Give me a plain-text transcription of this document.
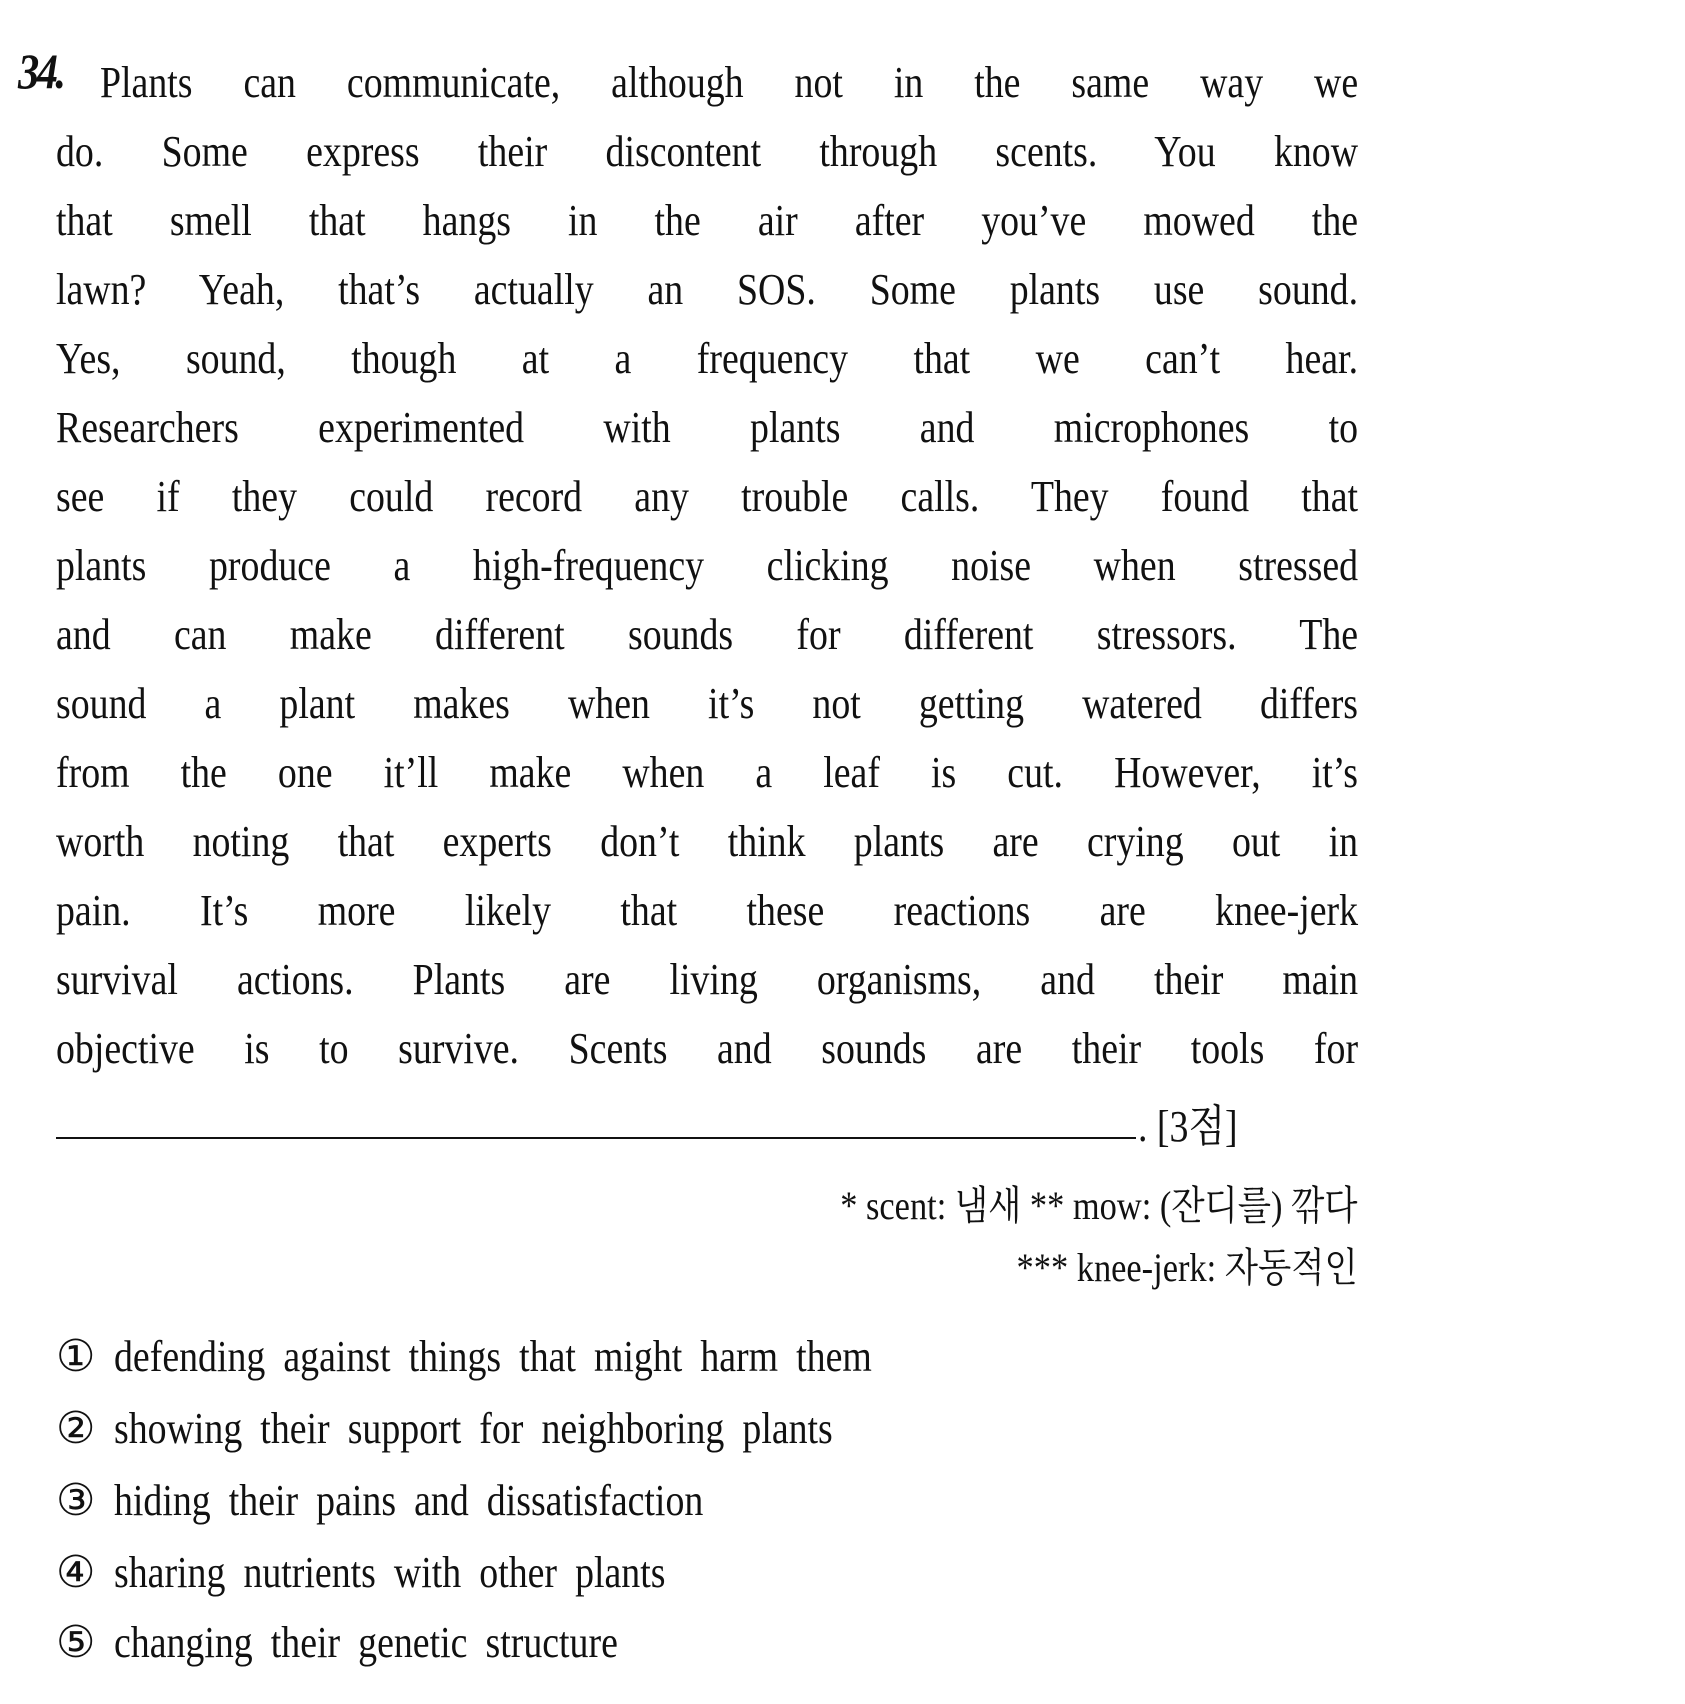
34. Plants can communicate, although not in the same way we
do. Some express their discontent through scents. You know
that smell that hangs in the air after you’ve mowed the
lawn? Yeah, that’s actually an SOS. Some plants use sound.
Yes, sound, though at a frequency that we can’t hear.
Researchers experimented with plants and microphones to
see if they could record any trouble calls. They found that
plants produce a high-frequency clicking noise when stressed
and can make different sounds for different stressors. The
sound a plant makes when it’s not getting watered differs
from the one it’ll make when a leaf is cut. However, it’s
worth noting that experts don’t think plants are crying out in
pain. It’s more likely that these reactions are knee-jerk
survival actions. Plants are living organisms, and their main
objective is to survive. Scents and sounds are their tools for
. [3점]
* scent: 냄새 ** mow: (잔디를) 깎다
*** knee-jerk: 자동적인
① defending against things that might harm them
② showing their support for neighboring plants
③ hiding their pains and dissatisfaction
④ sharing nutrients with other plants
⑤ changing their genetic structure
